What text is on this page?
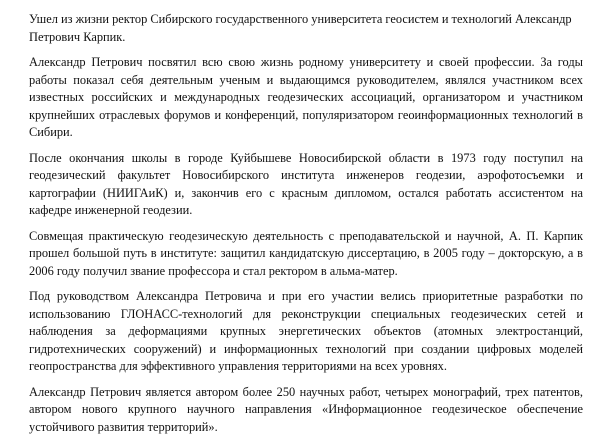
Ушел из жизни ректор Сибирского государственного университета геосистем и технологий Александр Петрович Карпик.

Александр Петрович посвятил всю свою жизнь родному университету и своей профессии. За годы работы показал себя деятельным ученым и выдающимся руководителем, являлся участником всех известных российских и международных геодезических ассоциаций, организатором и участником крупнейших отраслевых форумов и конференций, популяризатором геоинформационных технологий в Сибири.

После окончания школы в городе Куйбышеве Новосибирской области в 1973 году поступил на геодезический факультет Новосибирского института инженеров геодезии, аэрофотосъемки и картографии (НИИГАиК) и, закончив его с красным дипломом, остался работать ассистентом на кафедре инженерной геодезии.

Совмещая практическую геодезическую деятельность с преподавательской и научной, А. П. Карпик прошел большой путь в институте: защитил кандидатскую диссертацию, в 2005 году – докторскую, а в 2006 году получил звание профессора и стал ректором в альма-матер.

Под руководством Александра Петровича и при его участии велись приоритетные разработки по использованию ГЛОНАСС-технологий для реконструкции специальных геодезических сетей и наблюдения за деформациями крупных энергетических объектов (атомных электростанций, гидротехнических сооружений) и информационных технологий при создании цифровых моделей геопространства для эффективного управления территориями на всех уровнях.

Александр Петрович является автором более 250 научных работ, четырех монографий, трех патентов, автором нового крупного научного направления «Информационное геодезическое обеспечение устойчивого развития территорий».
